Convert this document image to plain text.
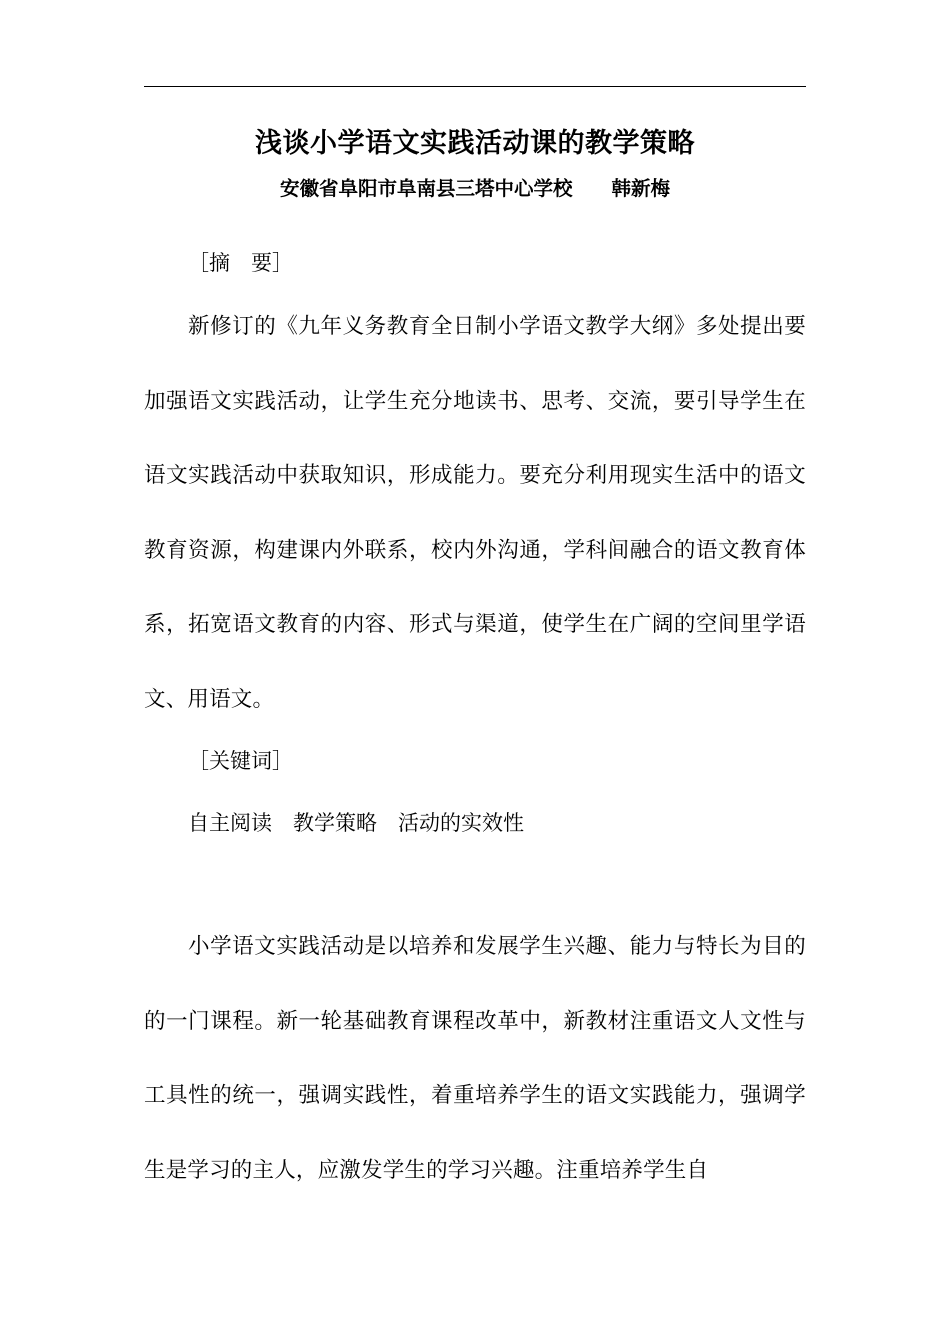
浅谈小学语文实践活动课的教学策略
安徽省阜阳市阜南县三塔中心学校　　韩新梅
［摘　要］

新修订的《九年义务教育全日制小学语文教学大纲》多处提出要加强语文实践活动，让学生充分地读书、思考、交流，要引导学生在语文实践活动中获取知识，形成能力。要充分利用现实生活中的语文教育资源，构建课内外联系，校内外沟通，学科间融合的语文教育体系，拓宽语文教育的内容、形式与渠道，使学生在广阔的空间里学语文、用语文。

［关键词］
自主阅读　教学策略　活动的实效性

小学语文实践活动是以培养和发展学生兴趣、能力与特长为目的的一门课程。新一轮基础教育课程改革中，新教材注重语文人文性与工具性的统一，强调实践性，着重培养学生的语文实践能力，强调学生是学习的主人，应激发学生的学习兴趣。注重培养学生自
